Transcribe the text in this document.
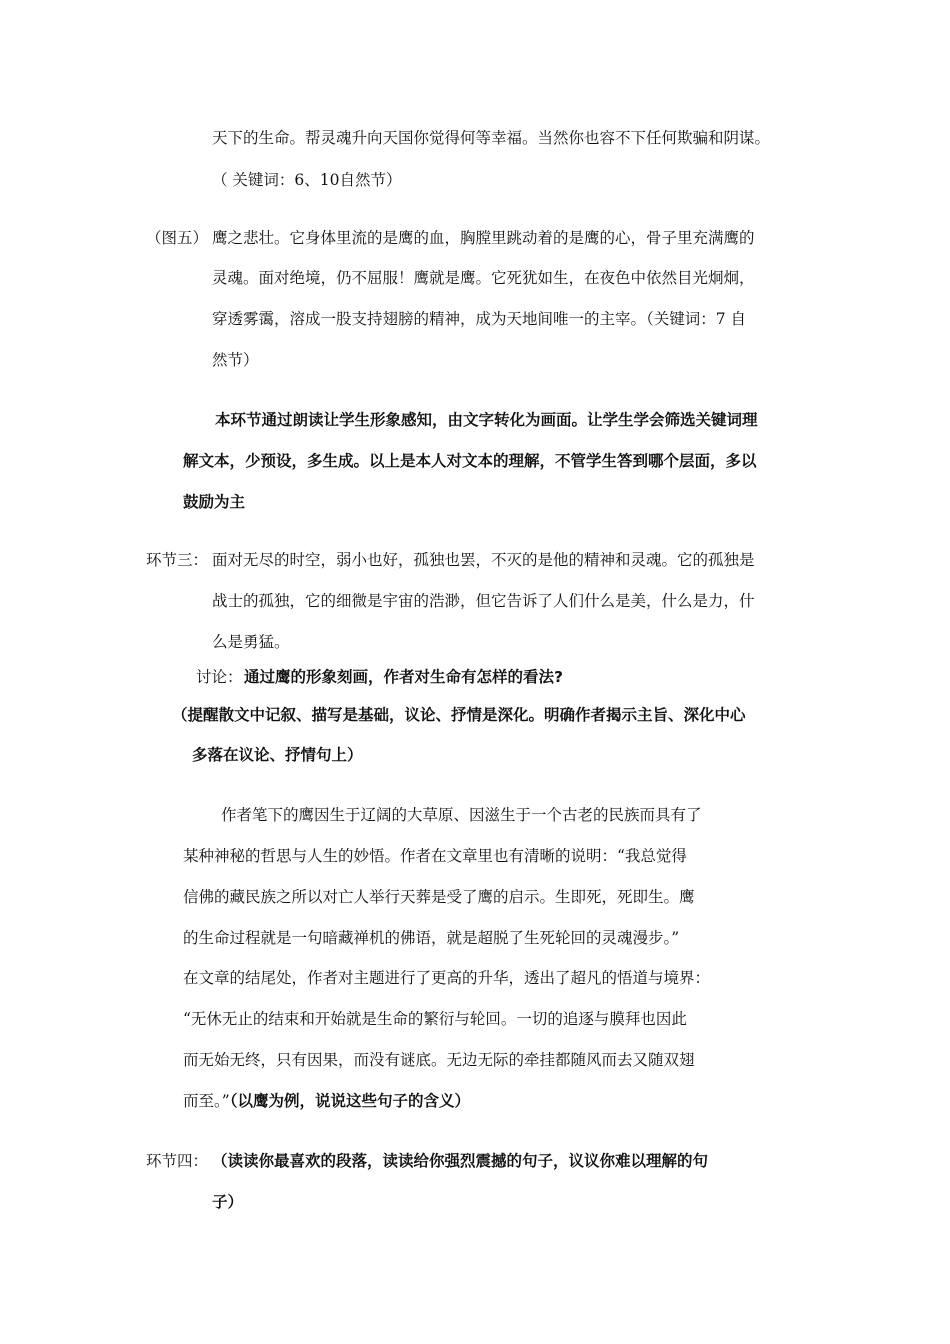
天下的生命。帮灵魂升向天国你觉得何等幸福。当然你也容不下任何欺骗和阴谋。
（ 关键词：6、10自然节）
（图五） 鹰之悲壮。它身体里流的是鹰的血，胸膛里跳动着的是鹰的心，骨子里充满鹰的
灵魂。面对绝境，仍不屈服！鹰就是鹰。它死犹如生，在夜色中依然目光炯炯，
穿透雾霭，溶成一股支持翅膀的精神，成为天地间唯一的主宰。（关键词：7 自
然节）
本环节通过朗读让学生形象感知，由文字转化为画面。让学生学会筛选关键词理
解文本，少预设，多生成。以上是本人对文本的理解，不管学生答到哪个层面，多以
鼓励为主
环节三： 面对无尽的时空，弱小也好，孤独也罢，不灭的是他的精神和灵魂。它的孤独是
战士的孤独，它的细微是宇宙的浩渺，但它告诉了人们什么是美，什么是力，什
么是勇猛。
讨论： 通过鹰的形象刻画，作者对生命有怎样的看法?
（提醒散文中记叙、描写是基础，议论、抒情是深化。明确作者揭示主旨、深化中心
多落在议论、抒情句上）
作者笔下的鹰因生于辽阔的大草原、因滋生于一个古老的民族而具有了
某种神秘的哲思与人生的妙悟。作者在文章里也有清晰的说明：“我总觉得
信佛的藏民族之所以对亡人举行天葬是受了鹰的启示。生即死，死即生。鹰
的生命过程就是一句暗藏禅机的佛语，就是超脱了生死轮回的灵魂漫步。”
在文章的结尾处，作者对主题进行了更高的升华，透出了超凡的悟道与境界：
“无休无止的结束和开始就是生命的繁衍与轮回。一切的追逐与膜拜也因此
而无始无终，只有因果，而没有谜底。无边无际的牵挂都随风而去又随双翅
而至。”（以鹰为例，说说这些句子的含义）
环节四： （读读你最喜欢的段落，读读给你强烈震撼的句子，议议你难以理解的句
子）
